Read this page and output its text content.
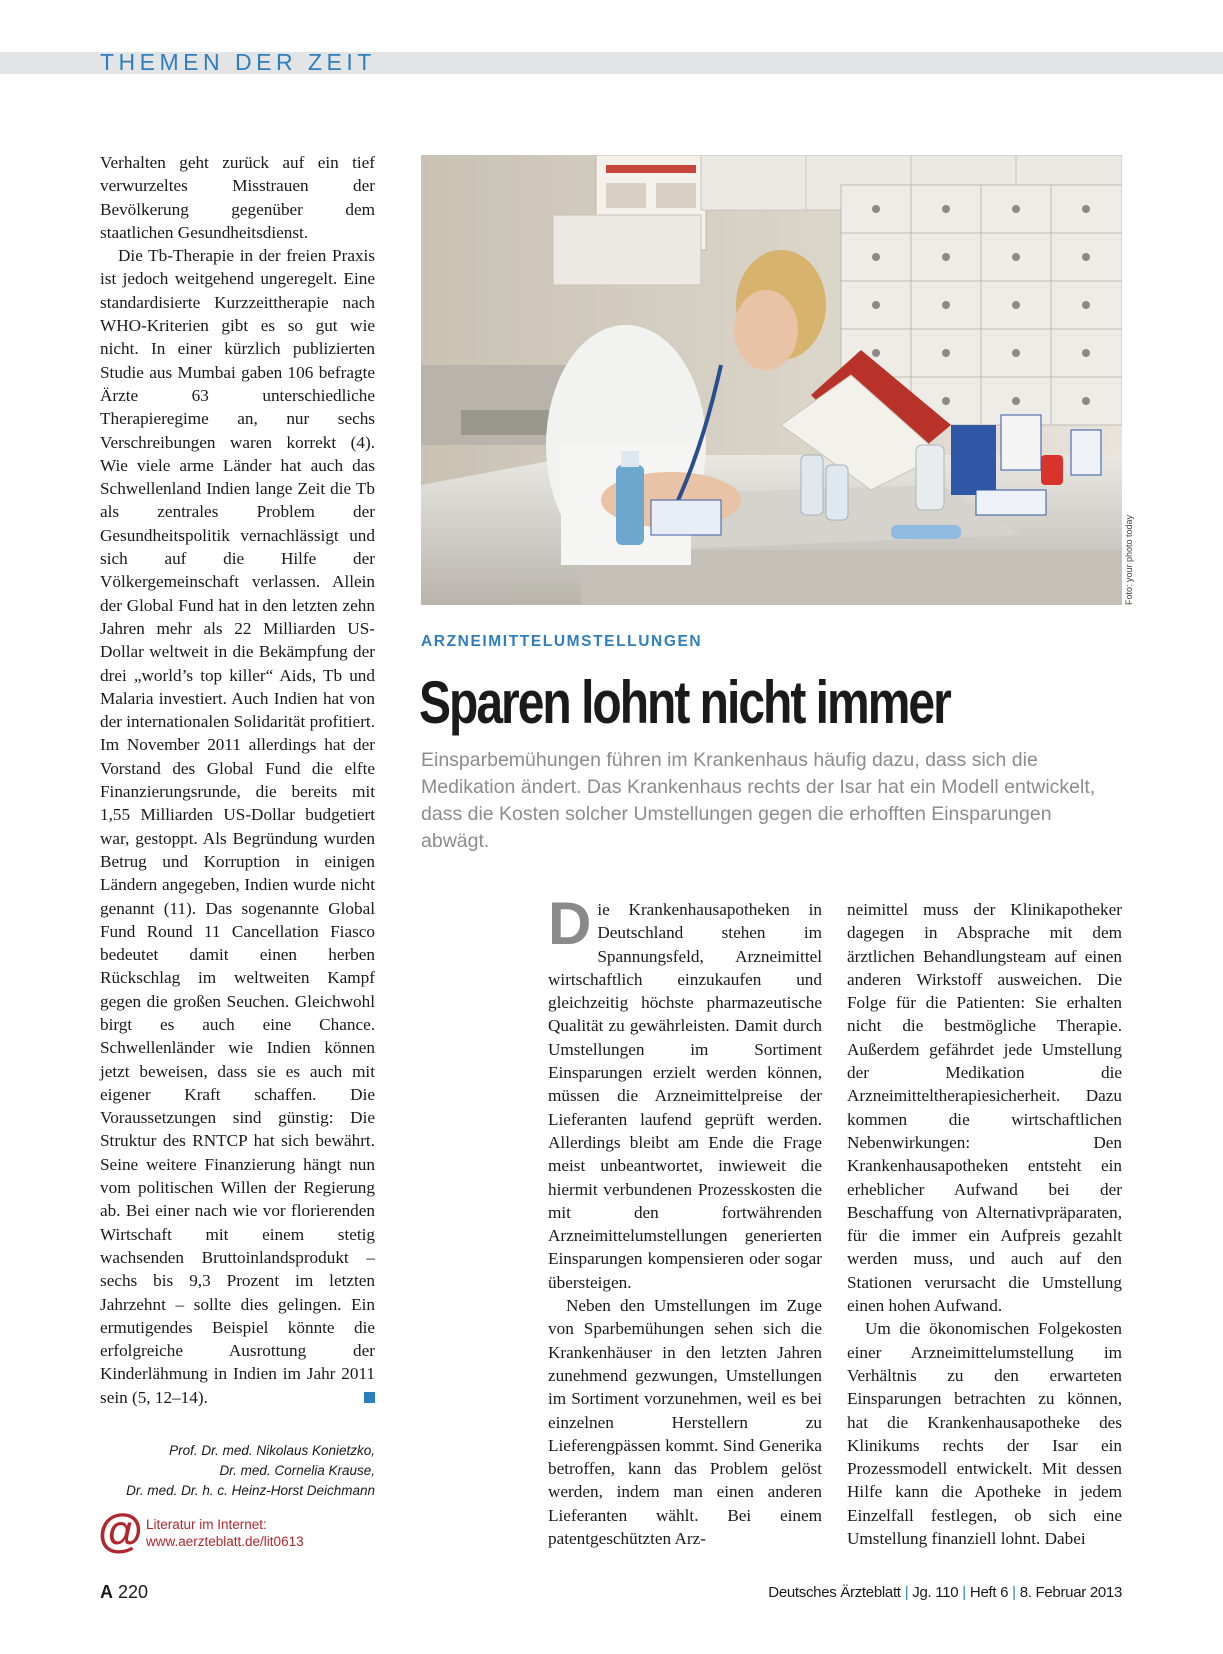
THEMEN DER ZEIT

Verhalten geht zurück auf ein tief verwurzeltes Misstrauen der Bevölkerung gegenüber dem staatlichen Gesundheitsdienst.

Die Tb-Therapie in der freien Praxis ist jedoch weitgehend ungeregelt. Eine standardisierte Kurzzeittherapie nach WHO-Kriterien gibt es so gut wie nicht. In einer kürzlich publizierten Studie aus Mumbai gaben 106 befragte Ärzte 63 unterschiedliche Therapieregime an, nur sechs Verschreibungen waren korrekt (4). Wie viele arme Länder hat auch das Schwellenland Indien lange Zeit die Tb als zentrales Problem der Gesundheitspolitik vernachlässigt und sich auf die Hilfe der Völkergemeinschaft verlassen. Allein der Global Fund hat in den letzten zehn Jahren mehr als 22 Milliarden US-Dollar weltweit in die Bekämpfung der drei „world’s top killer“ Aids, Tb und Malaria investiert. Auch Indien hat von der internationalen Solidarität profitiert. Im November 2011 allerdings hat der Vorstand des Global Fund die elfte Finanzierungsrunde, die bereits mit 1,55 Milliarden US-Dollar budgetiert war, gestoppt. Als Begründung wurden Betrug und Korruption in einigen Ländern angegeben, Indien wurde nicht genannt (11). Das sogenannte Global Fund Round 11 Cancellation Fiasco bedeutet damit einen herben Rückschlag im weltweiten Kampf gegen die großen Seuchen. Gleichwohl birgt es auch eine Chance. Schwellenländer wie Indien können jetzt beweisen, dass sie es auch mit eigener Kraft schaffen. Die Voraussetzungen sind günstig: Die Struktur des RNTCP hat sich bewährt. Seine weitere Finanzierung hängt nun vom politischen Willen der Regierung ab. Bei einer nach wie vor florierenden Wirtschaft mit einem stetig wachsenden Bruttoinlandsprodukt – sechs bis 9,3 Prozent im letzten Jahrzehnt – sollte dies gelingen. Ein ermutigendes Beispiel könnte die erfolgreiche Ausrottung der Kinderlähmung in Indien im Jahr 2011 sein (5, 12–14).

Prof. Dr. med. Nikolaus Konietzko,
Dr. med. Cornelia Krause,
Dr. med. Dr. h. c. Heinz-Horst Deichmann
@ Literatur im Internet:
www.aerzteblatt.de/lit0613
Foto: your photo today
ARZNEIMITTELUMSTELLUNGEN
Sparen lohnt nicht immer
Einsparbemühungen führen im Krankenhaus häufig dazu, dass sich die Medikation ändert. Das Krankenhaus rechts der Isar hat ein Modell entwickelt, dass die Kosten solcher Umstellungen gegen die erhofften Einsparungen abwägt.

Die Krankenhausapotheken in Deutschland stehen im Spannungsfeld, Arzneimittel wirtschaftlich einzukaufen und gleichzeitig höchste pharmazeutische Qualität zu gewährleisten. Damit durch Umstellungen im Sortiment Einsparungen erzielt werden können, müssen die Arzneimittelpreise der Lieferanten laufend geprüft werden. Allerdings bleibt am Ende die Frage meist unbeantwortet, inwieweit die hiermit verbundenen Prozesskosten die mit den fortwährenden Arzneimittelumstellungen generierten Einsparungen kompensieren oder sogar übersteigen.

Neben den Umstellungen im Zuge von Sparbemühungen sehen sich die Krankenhäuser in den letzten Jahren zunehmend gezwungen, Umstellungen im Sortiment vorzunehmen, weil es bei einzelnen Herstellern zu Lieferengpässen kommt. Sind Generika betroffen, kann das Problem gelöst werden, indem man einen anderen Lieferanten wählt. Bei einem patentgeschützten Arz-

neimittel muss der Klinikapotheker dagegen in Absprache mit dem ärztlichen Behandlungsteam auf einen anderen Wirkstoff ausweichen. Die Folge für die Patienten: Sie erhalten nicht die bestmögliche Therapie. Außerdem gefährdet jede Umstellung der Medikation die Arzneimitteltherapiesicherheit. Dazu kommen die wirtschaftlichen Nebenwirkungen: Den Krankenhausapotheken entsteht ein erheblicher Aufwand bei der Beschaffung von Alternativpräparaten, für die immer ein Aufpreis gezahlt werden muss, und auch auf den Stationen verursacht die Umstellung einen hohen Aufwand.

Um die ökonomischen Folgekosten einer Arzneimittelumstellung im Verhältnis zu den erwarteten Einsparungen betrachten zu können, hat die Krankenhausapotheke des Klinikums rechts der Isar ein Prozessmodell entwickelt. Mit dessen Hilfe kann die Apotheke in jedem Einzelfall festlegen, ob sich eine Umstellung finanziell lohnt. Dabei

A 220	Deutsches Ärzteblatt | Jg. 110 | Heft 6 | 8. Februar 2013
